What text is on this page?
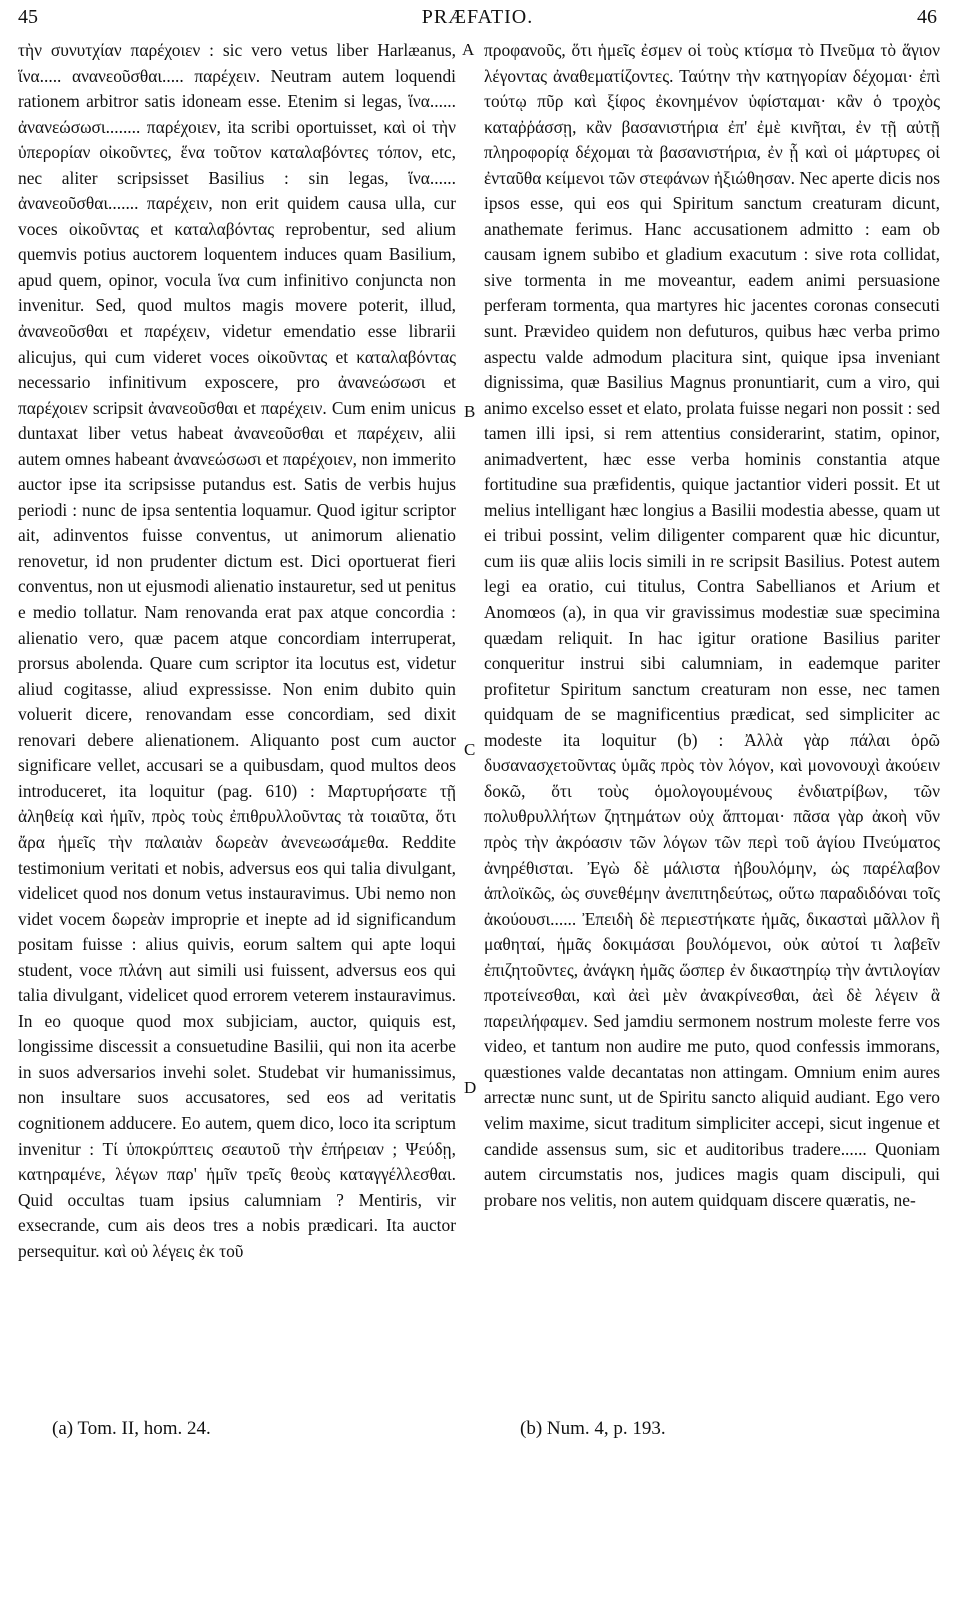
45	PRÆFATIO.	46

τὴν συνυτχίαν παρέχοιεν : sic vero vetus liber Harlæanus, ἵνα..... ανανεοῦσθαι..... παρέχειν. Neutram autem loquendi rationem arbitror satis idoneam esse. Etenim si legas, ἵνα...... ἀνανεώσωσι........ παρέχοιεν, ita scribi oportuisset, καὶ οἱ τὴν ὑπερορίαν οἰκοῦντες, ἕνα τοῦτον καταλαβόντες τόπον, etc, nec aliter scripsisset Basilius : sin legas, ἵνα...... ἀνανεοῦσθαι....... παρέχειν, non erit quidem causa ulla, cur voces οἰκοῦντας et καταλαβόντας reprobentur, sed alium quemvis potius auctorem loquentem induces quam Basilium, apud quem, opinor, vocula ἵνα cum infinitivo conjuncta non invenitur. Sed, quod multos magis movere poterit, illud, ἀνανεοῦσθαι et παρέχειν, videtur emendatio esse librarii alicujus, qui cum videret voces οἰκοῦντας et καταλαβόντας necessario infinitivum exposcere, pro ἀνανεώσωσι et παρέχοιεν scripsit ἀνανεοῦσθαι et παρέχειν. Cum enim unicus duntaxat liber vetus habeat ἀνανεοῦσθαι et παρέχειν, alii autem omnes habeant ἀνανεώσωσι et παρέχοιεν, non immerito auctor ipse ita scripsisse putandus est. Satis de verbis hujus periodi : nunc de ipsa sententia loquamur. Quod igitur scriptor ait, adinventos fuisse conventus, ut animorum alienatio renovetur, id non prudenter dictum est. Dici oportuerat fieri conventus, non ut ejusmodi alienatio instauretur, sed ut penitus e medio tollatur. Nam renovanda erat pax atque concordia : alienatio vero, quæ pacem atque concordiam interruperat, prorsus abolenda. Quare cum scriptor ita locutus est, videtur aliud cogitasse, aliud expressisse. Non enim dubito quin voluerit dicere, renovandam esse concordiam, sed dixit renovari debere alienationem. Aliquanto post cum auctor significare vellet, accusari se a quibusdam, quod multos deos introduceret, ita loquitur (pag. 610) : Μαρτυρήσατε τῇ ἀληθείᾳ καὶ ἡμῖν, πρὸς τοὺς ἐπιθρυλλοῦντας τὰ τοιαῦτα, ὅτι ἄρα ἡμεῖς τὴν παλαιὰν δωρεὰν ἀνενεωσάμεθα. Reddite testimonium veritati et nobis, adversus eos qui talia divulgant, videlicet quod nos donum vetus instauravimus. Ubi nemo non videt vocem δωρεὰν improprie et inepte ad id significandum positam fuisse : alius quivis, eorum saltem qui apte loqui student, voce πλάνη aut simili usi fuissent, adversus eos qui talia divulgant, videlicet quod errorem veterem instauravimus. In eo quoque quod mox subjiciam, auctor, quiquis est, longissime discessit a consuetudine Basilii, qui non ita acerbe in suos adversarios invehi solet. Studebat vir humanissimus, non insultare suos accusatores, sed eos ad veritatis cognitionem adducere. Eo autem, quem dico, loco ita scriptum invenitur : Τί ὑποκρύπτεις σεαυτοῦ τὴν ἐπήρειαν ; Ψεύδῃ, κατηραμένε, λέγων παρ' ἡμῖν τρεῖς θεοὺς καταγγέλλεσθαι. Quid occultas tuam ipsius calumniam ? Mentiris, vir exsecrande, cum ais deos tres a nobis prædicari. Ita auctor persequitur. καὶ οὐ λέγεις ἐκ τοῦ

προφανοῦς, ὅτι ἡμεῖς ἐσμεν οἱ τοὺς κτίσμα τὸ Πνεῦμα τὸ ἅγιον λέγοντας ἀναθεματίζοντες. Ταύτην τὴν κατηγορίαν δέχομαι· ἐπὶ τούτῳ πῦρ καὶ ξίφος ἐκονημένον ὑφίσταμαι· κἂν ὁ τροχὸς καταῤῥάσσῃ, κἂν βασανιστήρια ἐπ' ἐμὲ κινῆται, ἐν τῇ αὐτῇ πληροφορίᾳ δέχομαι τὰ βασανιστήρια, ἐν ᾗ καὶ οἱ μάρτυρες οἱ ἐνταῦθα κείμενοι τῶν στεφάνων ἠξιώθησαν. Nec aperte dicis nos ipsos esse, qui eos qui Spiritum sanctum creaturam dicunt, anathemate ferimus. Hanc accusationem admitto : eam ob causam ignem subibo et gladium exacutum : sive rota collidat, sive tormenta in me moveantur, eadem animi persuasione perferam tormenta, qua martyres hic jacentes coronas consecuti sunt. Prævideo quidem non defuturos, quibus hæc verba primo aspectu valde admodum placitura sint, quique ipsa inveniant dignissima, quæ Basilius Magnus pronuntiarit, cum a viro, qui animo excelso esset et elato, prolata fuisse negari non possit : sed tamen illi ipsi, si rem attentius considerarint, statim, opinor, animadvertent, hæc esse verba hominis constantia atque fortitudine sua præfidentis, quique jactantior videri possit. Et ut melius intelligant hæc longius a Basilii modestia abesse, quam ut ei tribui possint, velim diligenter comparent quæ hic dicuntur, cum iis quæ aliis locis simili in re scripsit Basilius. Potest autem legi ea oratio, cui titulus, Contra Sabellianos et Arium et Anomœos (a), in qua vir gravissimus modestiæ suæ specimina quædam reliquit. In hac igitur oratione Basilius pariter conqueritur instrui sibi calumniam, in eademque pariter profitetur Spiritum sanctum creaturam non esse, nec tamen quidquam de se magnificentius prædicat, sed simpliciter ac modeste ita loquitur (b) : Ἀλλὰ γὰρ πάλαι ὁρῶ δυσανασχετοῦντας ὑμᾶς πρὸς τὸν λόγον, καὶ μονονουχὶ ἀκούειν δοκῶ, ὅτι τοὺς ὁμολογουμένους ἐνδιατρίβων, τῶν πολυθρυλλήτων ζητημάτων οὐχ ἅπτομαι· πᾶσα γὰρ ἀκοὴ νῦν πρὸς τὴν ἀκρόασιν τῶν λόγων τῶν περὶ τοῦ ἁγίου Πνεύματος ἀνηρέθισται. Ἐγὼ δὲ μάλιστα ἠβουλόμην, ὡς παρέλαβον ἁπλοϊκῶς, ὡς συνεθέμην ἀνεπιτηδεύτως, οὕτω παραδιδόναι τοῖς ἀκούουσι...... Ἐπειδὴ δὲ περιεστήκατε ἡμᾶς, δικασταὶ μᾶλλον ἢ μαθηταί, ἡμᾶς δοκιμάσαι βουλόμενοι, οὐκ αὐτοί τι λαβεῖν ἐπιζητοῦντες, ἀνάγκη ἡμᾶς ὥσπερ ἐν δικαστηρίῳ τὴν ἀντιλογίαν προτείνεσθαι, καὶ ἀεὶ μὲν ἀνακρίνεσθαι, ἀεὶ δὲ λέγειν ἃ παρειλήφαμεν. Sed jamdiu sermonem nostrum moleste ferre vos video, et tantum non audire me puto, quod confessis immorans, quæstiones valde decantatas non attingam. Omnium enim aures arrectæ nunc sunt, ut de Spiritu sancto aliquid audiant. Ego vero velim maxime, sicut traditum simpliciter accepi, sicut ingenue et candide assensus sum, sic et auditoribus tradere...... Quoniam autem circumstatis nos, judices magis quam discipuli, qui probare nos velitis, non autem quidquam discere quæratis, ne-

A
B
C
D
(a) Tom. II, hom. 24.	(b) Num. 4, p. 193.
